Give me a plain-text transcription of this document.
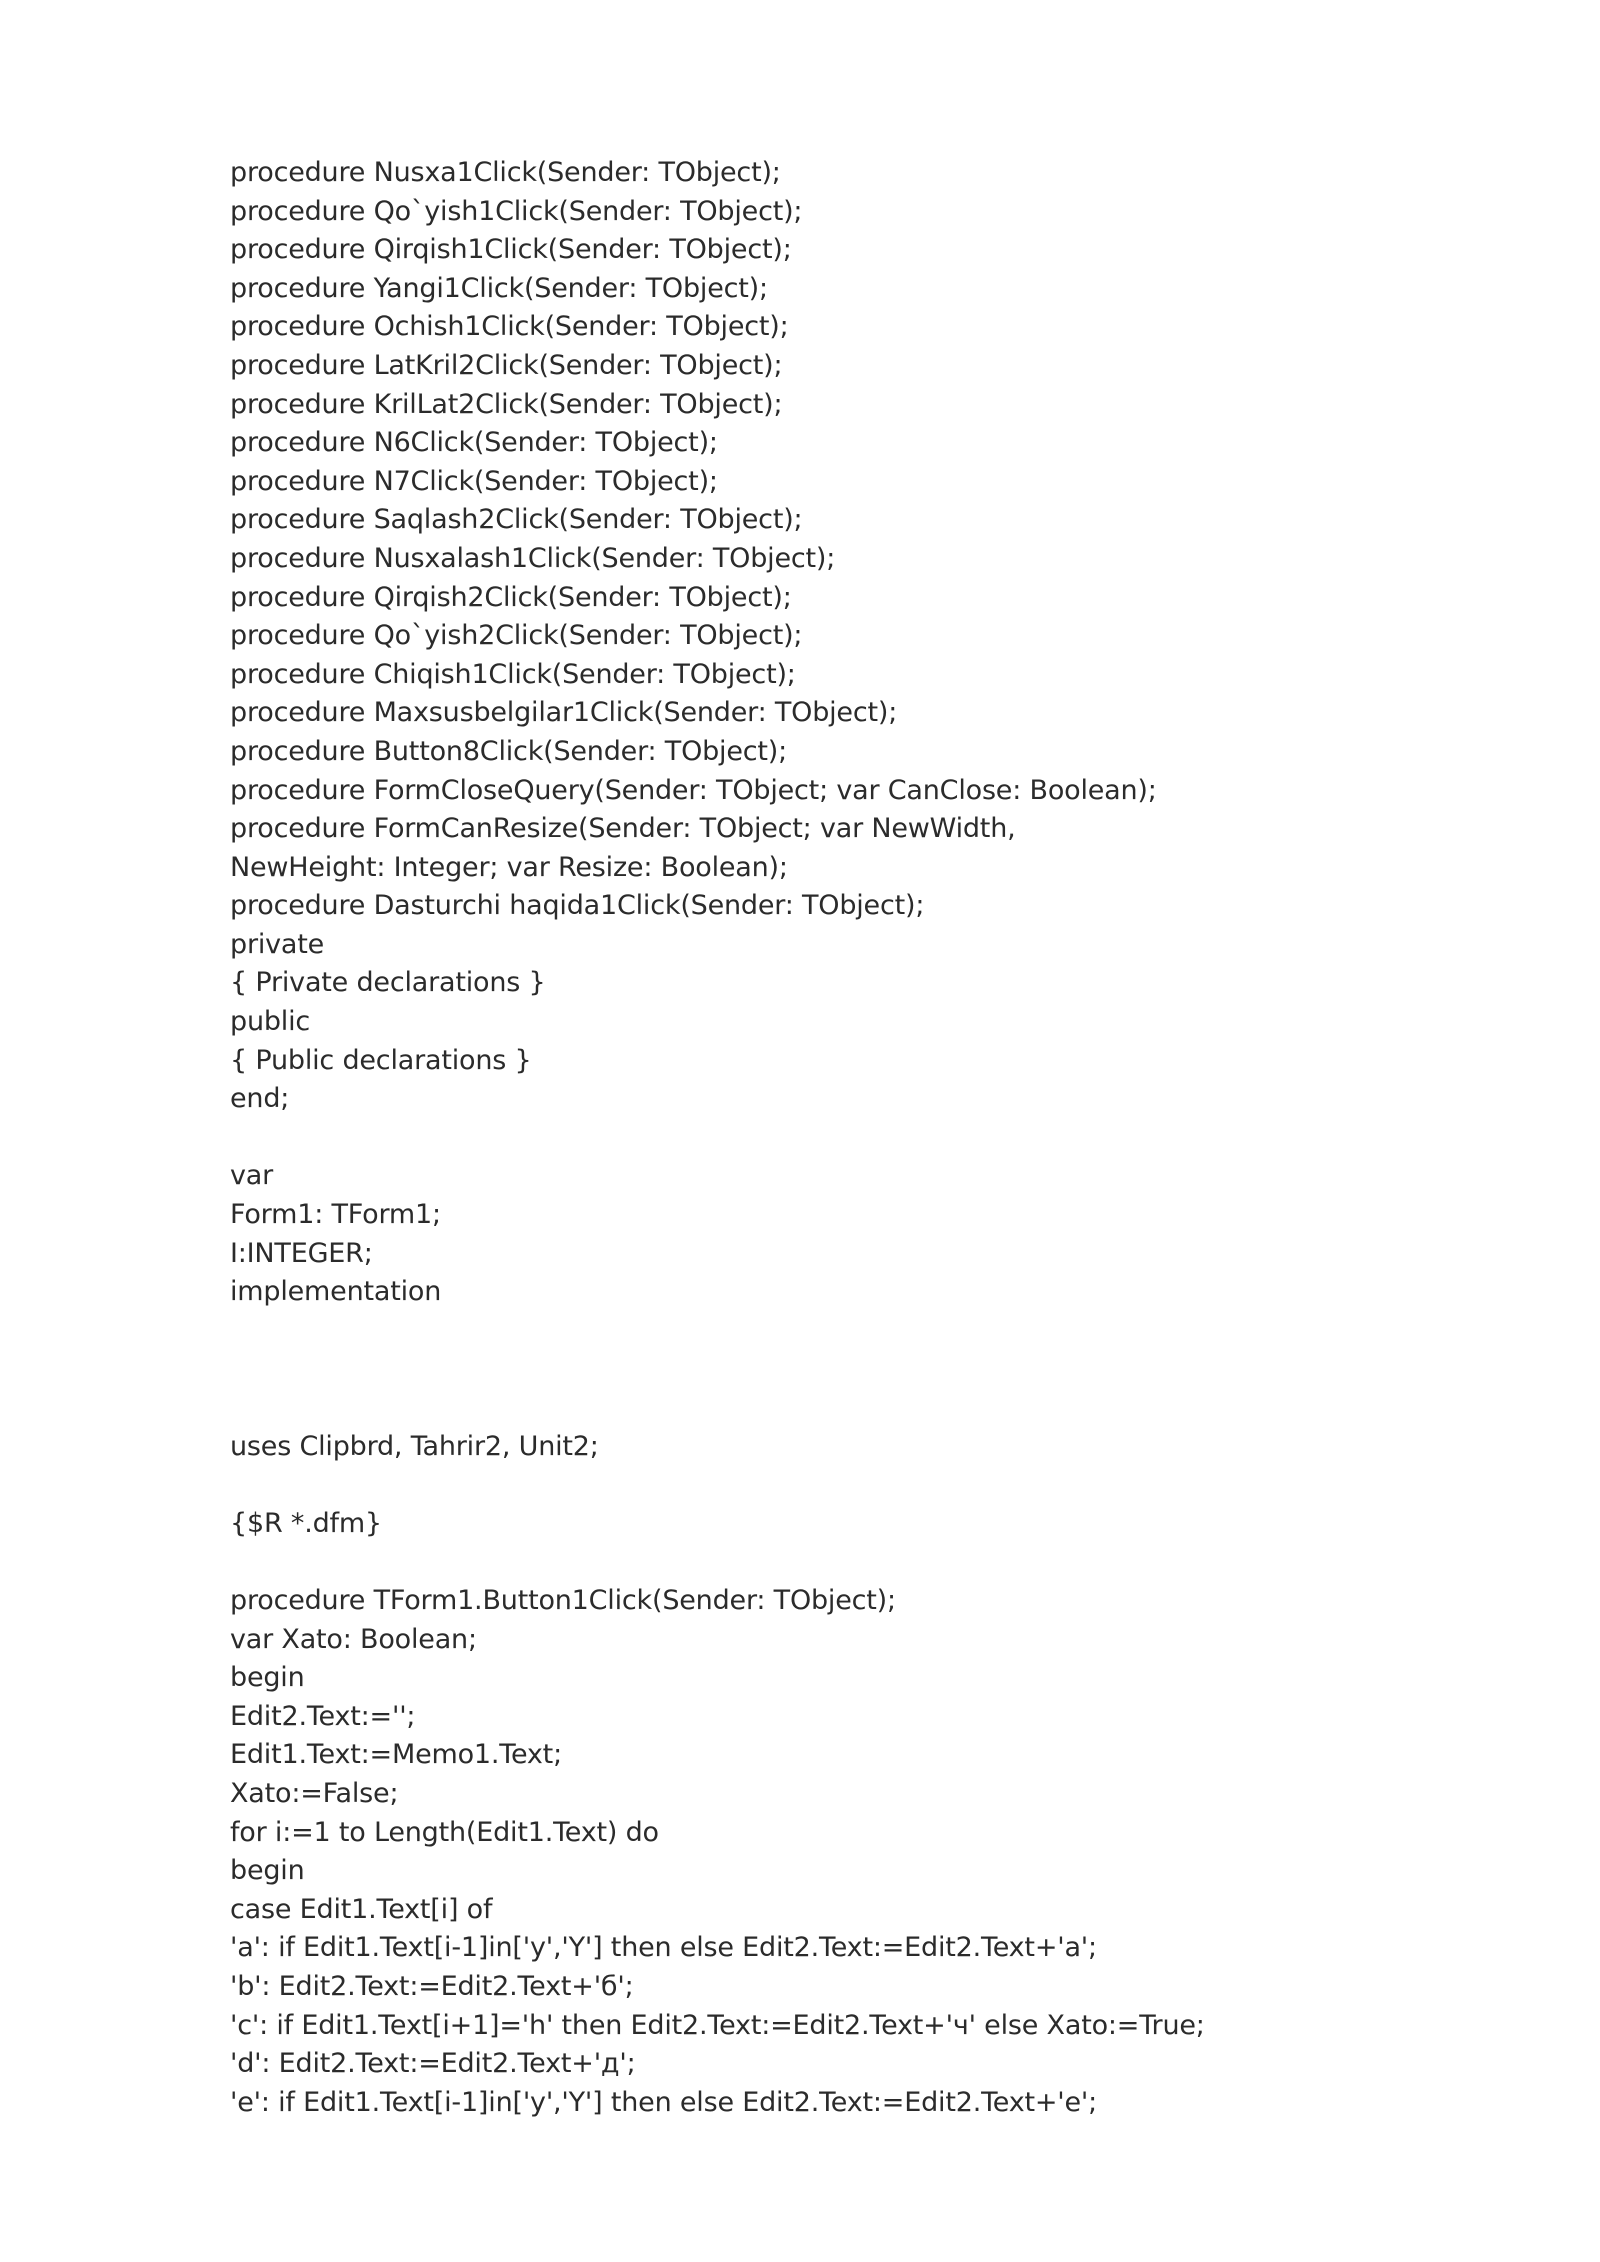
procedure Nusxa1Click(Sender: TObject);
procedure Qo`yish1Click(Sender: TObject);
procedure Qirqish1Click(Sender: TObject);
procedure Yangi1Click(Sender: TObject);
procedure Ochish1Click(Sender: TObject);
procedure LatKril2Click(Sender: TObject);
procedure KrilLat2Click(Sender: TObject);
procedure N6Click(Sender: TObject);
procedure N7Click(Sender: TObject);
procedure Saqlash2Click(Sender: TObject);
procedure Nusxalash1Click(Sender: TObject);
procedure Qirqish2Click(Sender: TObject);
procedure Qo`yish2Click(Sender: TObject);
procedure Chiqish1Click(Sender: TObject);
procedure Maxsusbelgilar1Click(Sender: TObject);
procedure Button8Click(Sender: TObject);
procedure FormCloseQuery(Sender: TObject; var CanClose: Boolean);
procedure FormCanResize(Sender: TObject; var NewWidth,
NewHeight: Integer; var Resize: Boolean);
procedure Dasturchi haqida1Click(Sender: TObject);
private
{ Private declarations }
public
{ Public declarations }
end;
var
Form1: TForm1;
I:INTEGER;
implementation
uses Clipbrd, Tahrir2, Unit2;
{$R *.dfm}
procedure TForm1.Button1Click(Sender: TObject);
var Xato: Boolean;
begin
Edit2.Text:='';
Edit1.Text:=Memo1.Text;
Xato:=False;
for i:=1 to Length(Edit1.Text) do
begin
case Edit1.Text[i] of
'a': if Edit1.Text[i-1]in['y','Y'] then else Edit2.Text:=Edit2.Text+'a';
'b': Edit2.Text:=Edit2.Text+'б';
'c': if Edit1.Text[i+1]='h' then Edit2.Text:=Edit2.Text+'ч' else Xato:=True;
'd': Edit2.Text:=Edit2.Text+'д';
'e': if Edit1.Text[i-1]in['y','Y'] then else Edit2.Text:=Edit2.Text+'e';
